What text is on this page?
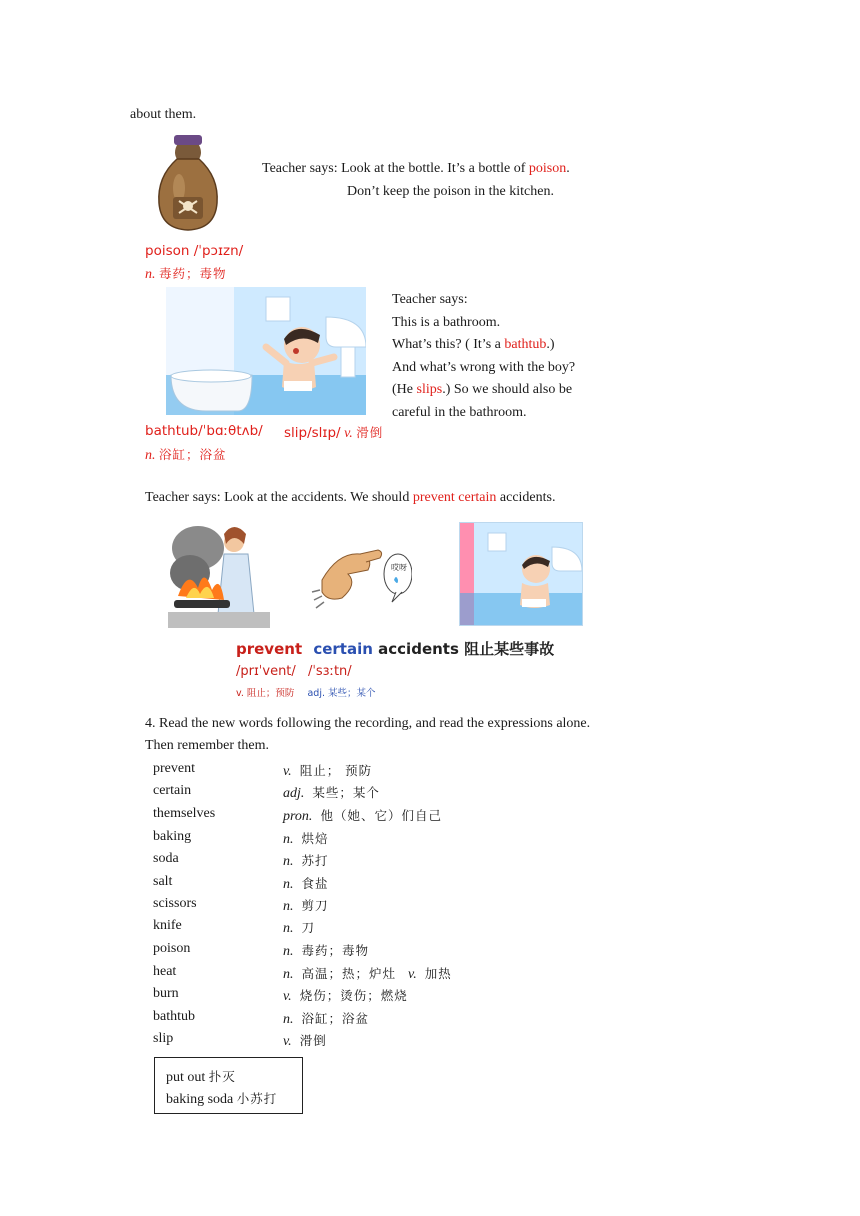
about them.
Teacher says: Look at the bottle. It’s a bottle of poison.
Don’t keep the poison in the kitchen.
poison /ˈpɔɪzn/
n. 毒药；毒物
Teacher says:
This is a bathroom.
What’s this? ( It’s a bathtub.)
And what’s wrong with the boy?
(He slips.) So we should also be
careful in the bathroom.
bathtub/ˈbɑːθtʌb/ slip/slɪp/ v. 滑倒
n. 浴缸；浴盆
Teacher says: Look at the accidents. We should prevent certain accidents.
哎呀
prevent certain accidents 阻止某些事故
/prɪˈvent/ /ˈsɜːtn/
v. 阻止；预防 adj. 某些；某个
4. Read the new words following the recording, and read the expressions alone.
Then remember them.
prevent	v. 阻止； 预防
certain	adj. 某些；某个
themselves	pron. 他（她、它）们自己
baking	n. 烘焙
soda	n. 苏打
salt	n. 食盐
scissors	n. 剪刀
knife	n. 刀
poison	n. 毒药；毒物
heat	n. 高温；热；炉灶 v. 加热
burn	v. 烧伤；烫伤；燃烧
bathtub	n. 浴缸；浴盆
slip	v. 滑倒
put out 扑灭
baking soda 小苏打
